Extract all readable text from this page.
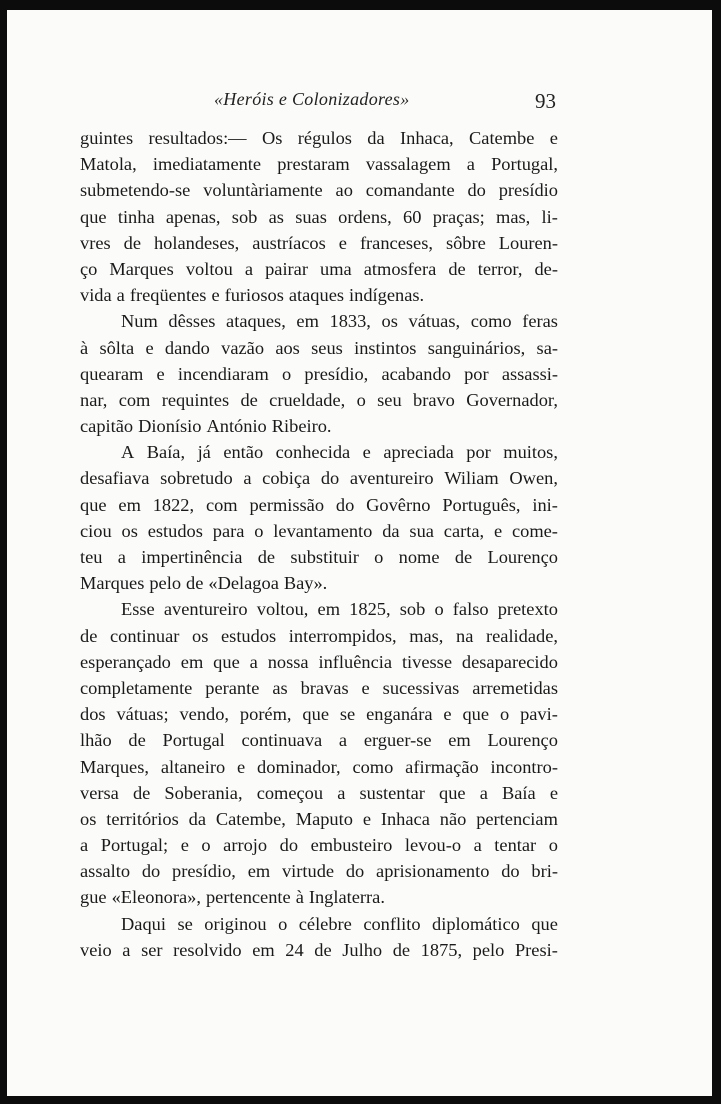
«Heróis e Colonizadores»	93
guintes resultados:— Os régulos da Inhaca, Catembe e
Matola, imediatamente prestaram vassalagem a Portugal,
submetendo-se voluntàriamente ao comandante do presídio
que tinha apenas, sob as suas ordens, 60 praças; mas, li-
vres de holandeses, austríacos e franceses, sôbre Louren-
ço Marques voltou a pairar uma atmosfera de terror, de-
vida a freqüentes e furiosos ataques indígenas.
Num dêsses ataques, em 1833, os vátuas, como feras
à sôlta e dando vazão aos seus instintos sanguinários, sa-
quearam e incendiaram o presídio, acabando por assassi-
nar, com requintes de crueldade, o seu bravo Governador,
capitão Dionísio António Ribeiro.
A Baía, já então conhecida e apreciada por muitos,
desafiava sobretudo a cobiça do aventureiro Wiliam Owen,
que em 1822, com permissão do Govêrno Português, ini-
ciou os estudos para o levantamento da sua carta, e come-
teu a impertinência de substituir o nome de Lourenço
Marques pelo de «Delagoa Bay».
Esse aventureiro voltou, em 1825, sob o falso pretexto
de continuar os estudos interrompidos, mas, na realidade,
esperançado em que a nossa influência tivesse desaparecido
completamente perante as bravas e sucessivas arremetidas
dos vátuas; vendo, porém, que se enganára e que o pavi-
lhão de Portugal continuava a erguer-se em Lourenço
Marques, altaneiro e dominador, como afirmação incontro-
versa de Soberania, começou a sustentar que a Baía e
os territórios da Catembe, Maputo e Inhaca não pertenciam
a Portugal; e o arrojo do embusteiro levou-o a tentar o
assalto do presídio, em virtude do aprisionamento do bri-
gue «Eleonora», pertencente à Inglaterra.
Daqui se originou o célebre conflito diplomático que
veio a ser resolvido em 24 de Julho de 1875, pelo Presi-
